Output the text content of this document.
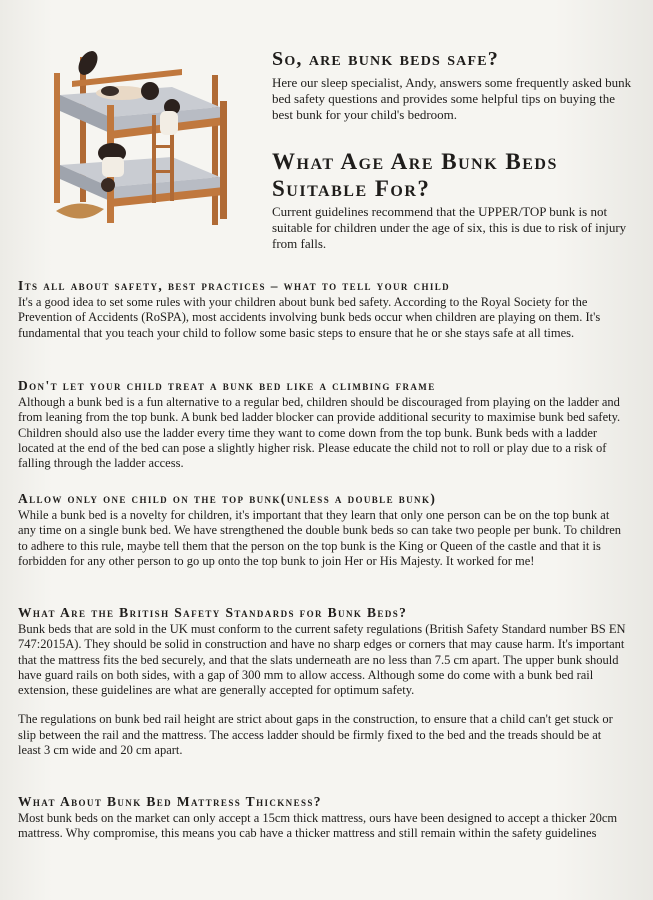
So, are bunk beds safe?

Here our sleep specialist, Andy, answers some frequently asked bunk bed safety questions and provides some helpful tips on buying the best bunk for your child's bedroom.

What Age Are Bunk Beds Suitable For?

Current guidelines recommend that the UPPER/TOP bunk is not suitable for children under the age of six, this is due to risk of injury from falls.

Its all about safety, best practices – what to tell your child

It's a good idea to set some rules with your children about bunk bed safety. According to the Royal Society for the Prevention of Accidents (RoSPA), most accidents involving bunk beds occur when children are playing on them. It's fundamental that you teach your child to follow some basic steps to ensure that he or she stays safe at all times.

Don't let your child treat a bunk bed like a climbing frame

Although a bunk bed is a fun alternative to a regular bed, children should be discouraged from playing on the ladder and from leaning from the top bunk. A bunk bed ladder blocker can provide additional security to maximise bunk bed safety. Children should also use the ladder every time they want to come down from the top bunk. Bunk beds with a ladder located at the end of the bed can pose a slightly higher risk. Please educate the child not to roll or play due to a risk of falling through the ladder access.

Allow only one child on the top bunk(unless a double bunk)

While a bunk bed is a novelty for children, it's important that they learn that only one person can be on the top bunk at any time on a single bunk bed. We have strengthened the double bunk beds so can take two people per bunk. To children to adhere to this rule, maybe tell them that the person on the top bunk is the King or Queen of the castle and that it is forbidden for any other person to go up onto the top bunk to join Her or His Majesty. It worked for me!

What Are the British Safety Standards for Bunk Beds?

Bunk beds that are sold in the UK must conform to the current safety regulations (British Safety Standard number BS EN 747:2015A). They should be solid in construction and have no sharp edges or corners that may cause harm. It's important that the mattress fits the bed securely, and that the slats underneath are no less than 7.5 cm apart. The upper bunk should have guard rails on both sides, with a gap of 300 mm to allow access. Although some do come with a bunk bed rail extension, these guidelines are what are generally accepted for optimum safety.

The regulations on bunk bed rail height are strict about gaps in the construction, to ensure that a child can't get stuck or slip between the rail and the mattress. The access ladder should be firmly fixed to the bed and the treads should be at least 3 cm wide and 20 cm apart.

What About Bunk Bed Mattress Thickness?

Most bunk beds on the market can only accept a 15cm thick mattress, ours have been designed to accept a thicker 20cm mattress. Why compromise, this means you cab have a thicker mattress and still remain within the safety guidelines
